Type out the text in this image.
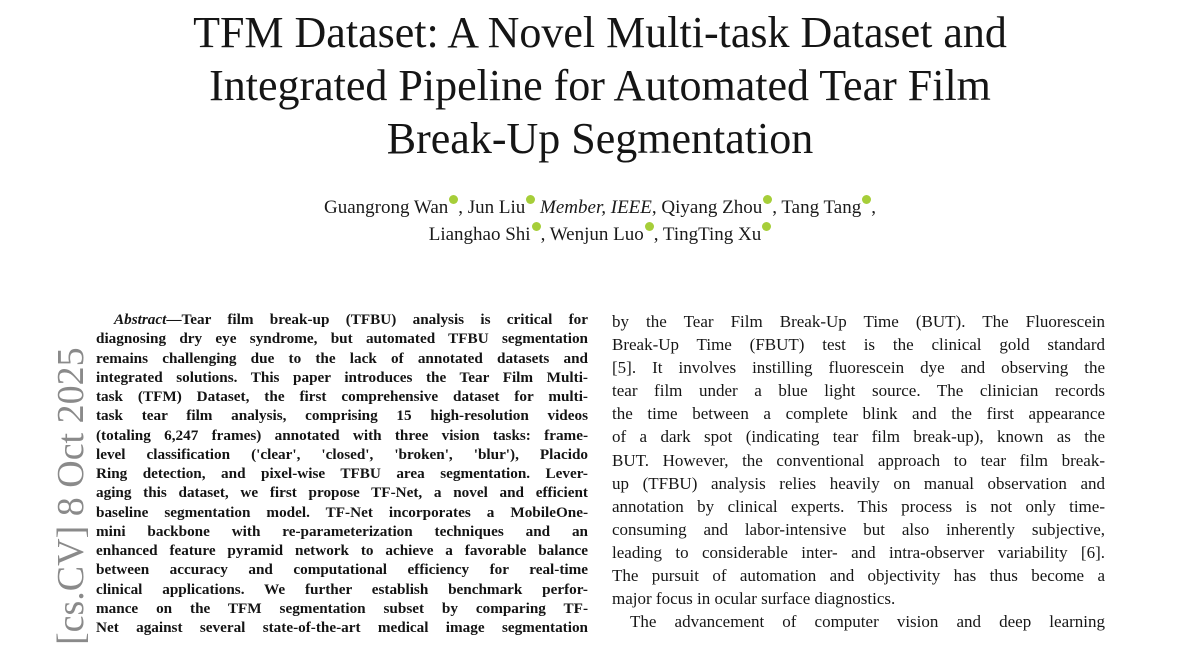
TFM Dataset: A Novel Multi-task Dataset and
Integrated Pipeline for Automated Tear Film
Break-Up Segmentation
Guangrong Wan , Jun Liu Member, IEEE, Qiyang Zhou , Tang Tang ,
Lianghao Shi , Wenjun Luo , TingTing Xu
[cs.CV] 8 Oct 2025
Abstract—Tear film break-up (TFBU) analysis is critical for
diagnosing dry eye syndrome, but automated TFBU segmentation
remains challenging due to the lack of annotated datasets and
integrated solutions. This paper introduces the Tear Film Multi-
task (TFM) Dataset, the first comprehensive dataset for multi-
task tear film analysis, comprising 15 high-resolution videos
(totaling 6,247 frames) annotated with three vision tasks: frame-
level classification ('clear', 'closed', 'broken', 'blur'), Placido
Ring detection, and pixel-wise TFBU area segmentation. Lever-
aging this dataset, we first propose TF-Net, a novel and efficient
baseline segmentation model. TF-Net incorporates a MobileOne-
mini backbone with re-parameterization techniques and an
enhanced feature pyramid network to achieve a favorable balance
between accuracy and computational efficiency for real-time
clinical applications. We further establish benchmark perfor-
mance on the TFM segmentation subset by comparing TF-
Net against several state-of-the-art medical image segmentation
by the Tear Film Break-Up Time (BUT). The Fluorescein
Break-Up Time (FBUT) test is the clinical gold standard
[5]. It involves instilling fluorescein dye and observing the
tear film under a blue light source. The clinician records
the time between a complete blink and the first appearance
of a dark spot (indicating tear film break-up), known as the
BUT. However, the conventional approach to tear film break-
up (TFBU) analysis relies heavily on manual observation and
annotation by clinical experts. This process is not only time-
consuming and labor-intensive but also inherently subjective,
leading to considerable inter- and intra-observer variability [6].
The pursuit of automation and objectivity has thus become a
major focus in ocular surface diagnostics.
The advancement of computer vision and deep learning
